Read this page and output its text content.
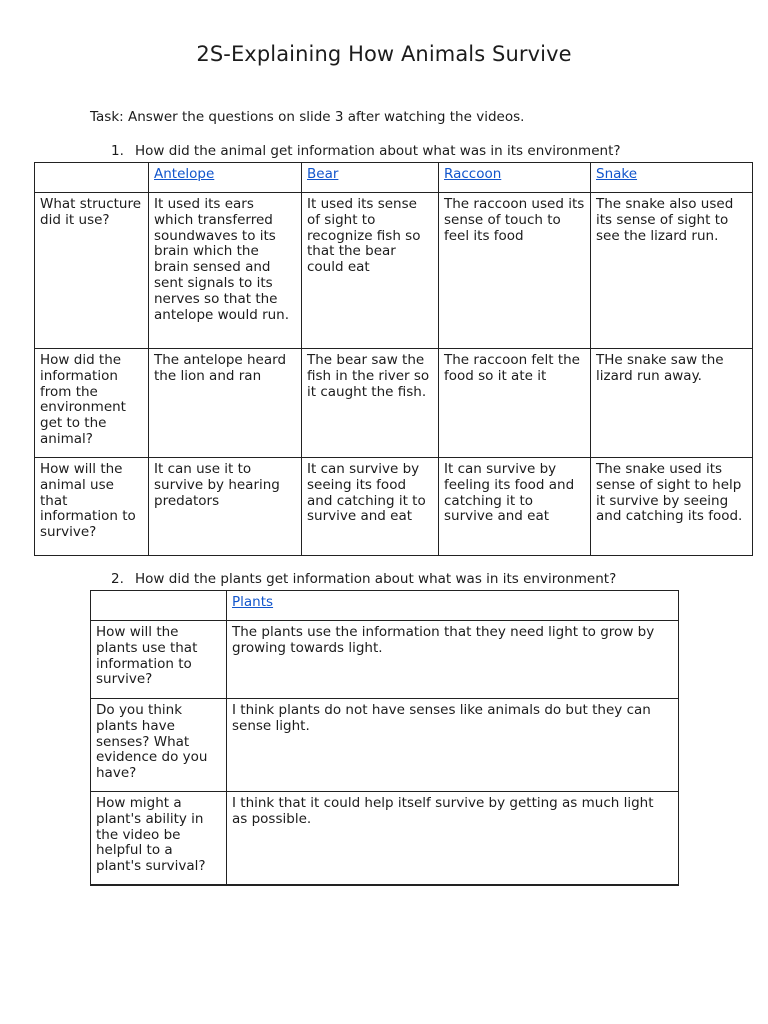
2S-Explaining How Animals Survive
Task: Answer the questions on slide 3 after watching the videos.
1. How did the animal get information about what was in its environment?
	Antelope	Bear	Raccoon	Snake
What structure did it use?	It used its ears which transferred soundwaves to its brain which the brain sensed and sent signals to its nerves so that the antelope would run.	It used its sense of sight to recognize fish so that the bear could eat	The raccoon used its sense of touch to feel its food	The snake also used its sense of sight to see the lizard run.
How did the information from the environment get to the animal?	The antelope heard the lion and ran	The bear saw the fish in the river so it caught the fish.	The raccoon felt the food so it ate it	THe snake saw the lizard run away.
How will the animal use that information to survive?	It can use it to survive by hearing predators	It can survive by seeing its food and catching it to survive and eat	It can survive by feeling its food and catching it to survive and eat	The snake used its sense of sight to help it survive by seeing and catching its food.
2. How did the plants get information about what was in its environment?
	Plants
How will the plants use that information to survive?	The plants use the information that they need light to grow by growing towards light.
Do you think plants have senses? What evidence do you have?	I think plants do not have senses like animals do but they can sense light.
How might a plant's ability in the video be helpful to a plant's survival?	I think that it could help itself survive by getting as much light as possible.
